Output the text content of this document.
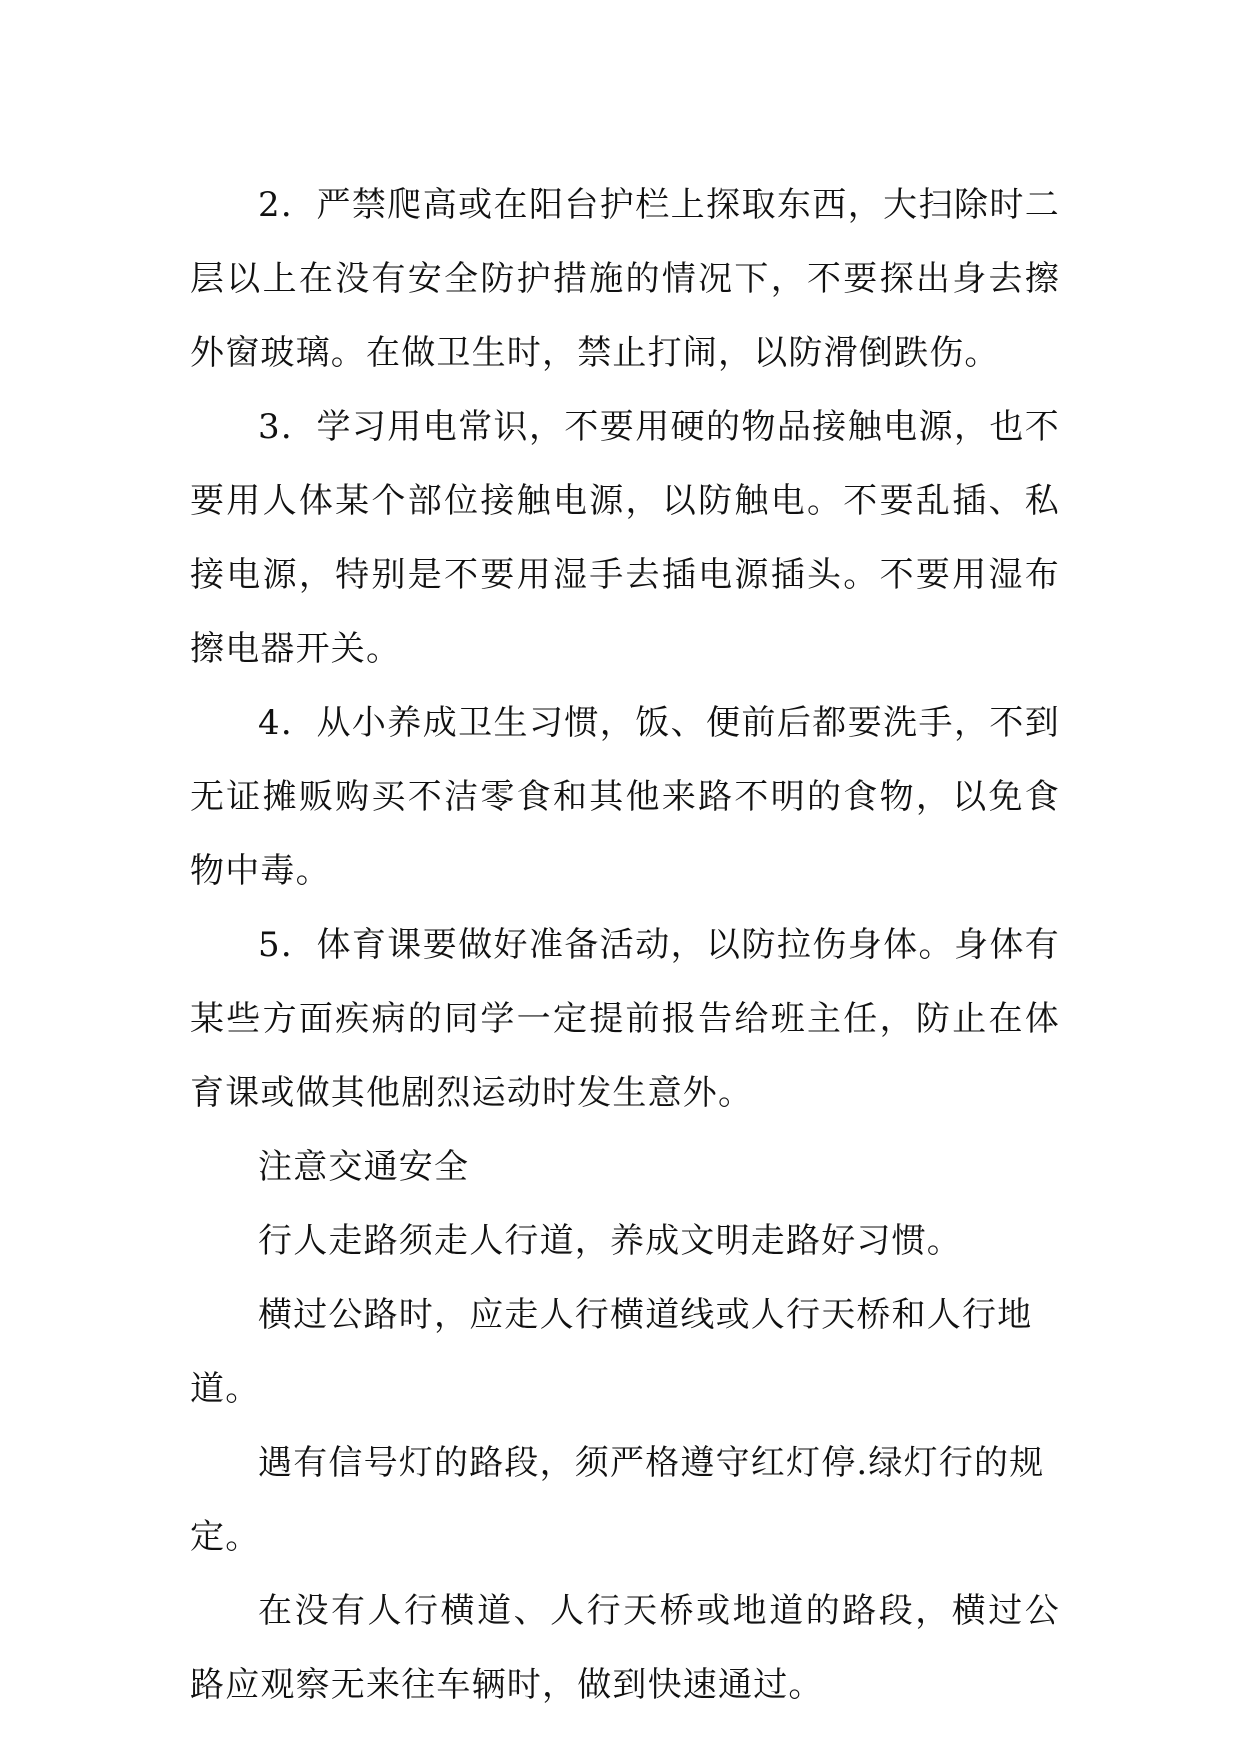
2．严禁爬高或在阳台护栏上探取东西，大扫除时二层以上在没有安全防护措施的情况下，不要探出身去擦外窗玻璃。在做卫生时，禁止打闹，以防滑倒跌伤。

3．学习用电常识，不要用硬的物品接触电源，也不要用人体某个部位接触电源，以防触电。不要乱插、私接电源，特别是不要用湿手去插电源插头。不要用湿布擦电器开关。

4．从小养成卫生习惯，饭、便前后都要洗手，不到无证摊贩购买不洁零食和其他来路不明的食物，以免食物中毒。

5．体育课要做好准备活动，以防拉伤身体。身体有某些方面疾病的同学一定提前报告给班主任，防止在体育课或做其他剧烈运动时发生意外。

注意交通安全

行人走路须走人行道，养成文明走路好习惯。

横过公路时，应走人行横道线或人行天桥和人行地道。

遇有信号灯的路段，须严格遵守红灯停.绿灯行的规定。

在没有人行横道、人行天桥或地道的路段，横过公路应观察无来往车辆时，做到快速通过。
